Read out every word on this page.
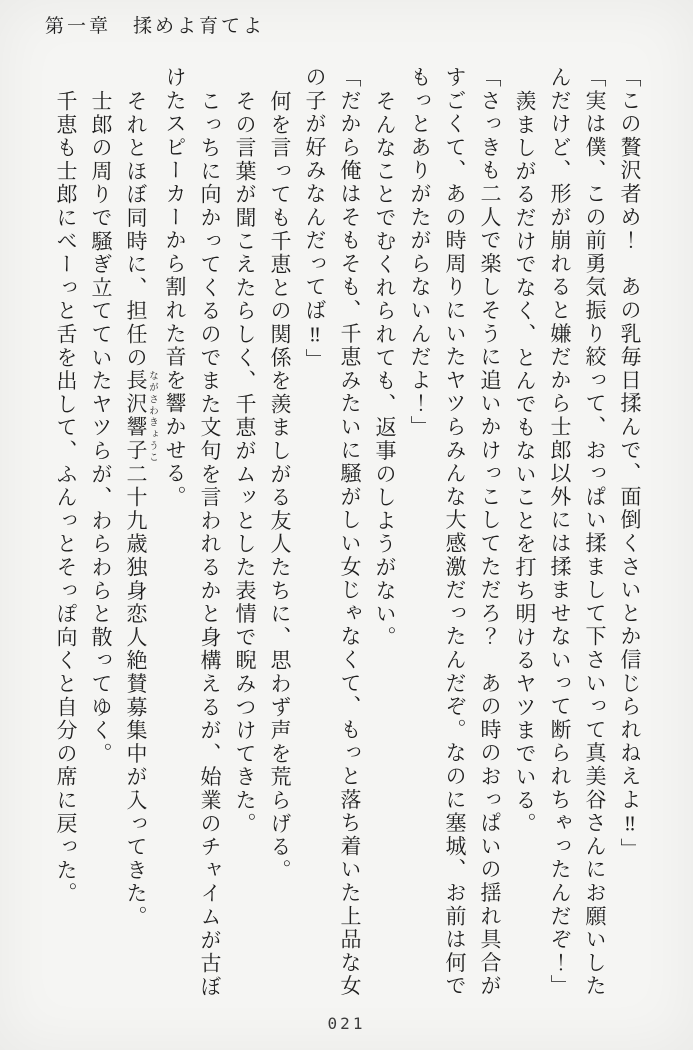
第一章　揉めよ育てよ
「この贅沢者め！　あの乳毎日揉んで、面倒くさいとか信じられねえよ‼」
「実は僕、この前勇気振り絞って、おっぱい揉まして下さいって真美谷さんにお願いした
んだけど、形が崩れると嫌だから士郎以外には揉ませないって断られちゃったんだぞ！」
羨ましがるだけでなく、とんでもないことを打ち明けるヤツまでいる。
「さっきも二人で楽しそうに追いかけっこしてただろ？　あの時のおっぱいの揺れ具合が
すごくて、あの時周りにいたヤツらみんな大感激だったんだぞ。なのに塞城、お前は何で
もっとありがたがらないんだよ！」
そんなことでむくれられても、返事のしようがない。
「だから俺はそもそも、千恵みたいに騒がしい女じゃなくて、もっと落ち着いた上品な女
の子が好みなんだってば‼」
何を言っても千恵との関係を羨ましがる友人たちに、思わず声を荒らげる。
その言葉が聞こえたらしく、千恵がムッとした表情で睨みつけてきた。
こっちに向かってくるのでまた文句を言われるかと身構えるが、始業のチャイムが古ぼ
けたスピーカーから割れた音を響かせる。
それとほぼ同時に、担任の長沢響子 ながさわきょうこ二十九歳独身恋人絶賛募集中が入ってきた。
士郎の周りで騒ぎ立てていたヤツらが、わらわらと散ってゆく。
千恵も士郎にべーっと舌を出して、ふんっとそっぽ向くと自分の席に戻った。
021
